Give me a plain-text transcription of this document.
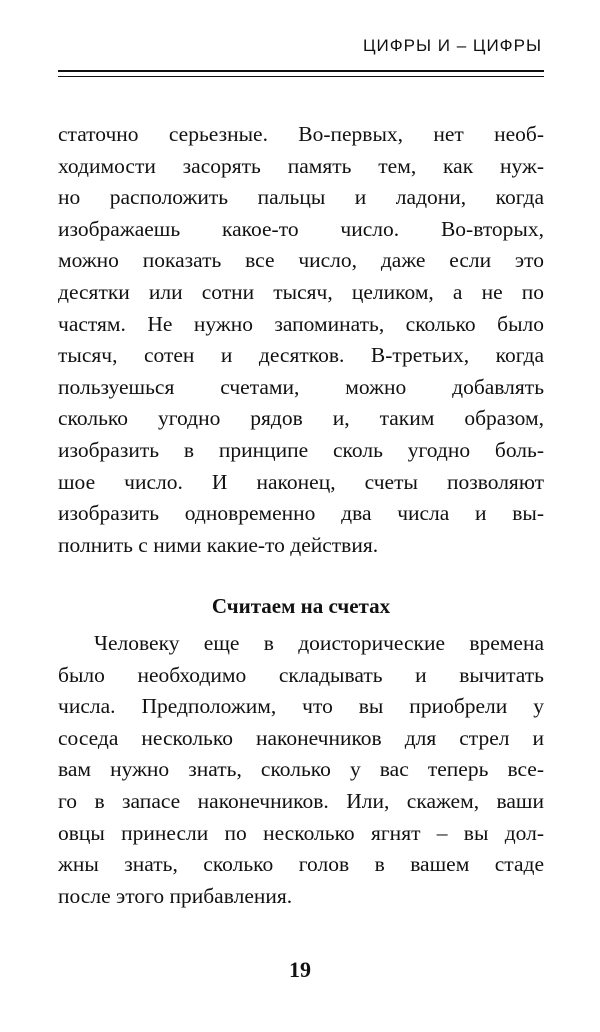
ЦИФРЫ И – ЦИФРЫ
статочно серьезные. Во-первых, нет необ-
ходимости засорять память тем, как нуж-
но расположить пальцы и ладони, когда
изображаешь какое-то число. Во-вторых,
можно показать все число, даже если это
десятки или сотни тысяч, целиком, а не по
частям. Не нужно запоминать, сколько было
тысяч, сотен и десятков. В-третьих, когда
пользуешься счетами, можно добавлять
сколько угодно рядов и, таким образом,
изобразить в принципе сколь угодно боль-
шое число. И наконец, счеты позволяют
изобразить одновременно два числа и вы-
полнить с ними какие-то действия.
Считаем на счетах
Человеку еще в доисторические времена
было необходимо складывать и вычитать
числа. Предположим, что вы приобрели у
соседа несколько наконечников для стрел и
вам нужно знать, сколько у вас теперь все-
го в запасе наконечников. Или, скажем, ваши
овцы принесли по несколько ягнят – вы дол-
жны знать, сколько голов в вашем стаде
после этого прибавления.
19
